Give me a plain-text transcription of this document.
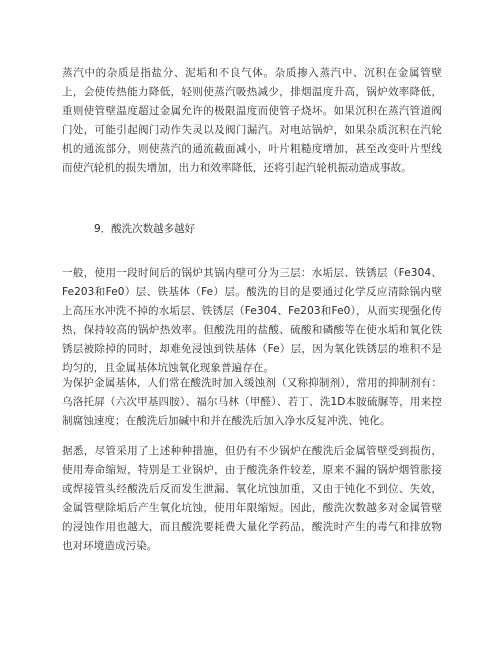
蒸汽中的杂质是指盐分、泥垢和不良气体。杂质掺入蒸汽中、沉积在金属管壁上，会使传热能力降低，轻则使蒸汽吸热减少，排烟温度升高，锅炉效率降低，重则使管壁温度超过金属允许的极限温度而使管子烧坏。如果沉积在蒸汽管道阀门处，可能引起阀门动作失灵以及阀门漏汽。对电站锅炉，如果杂质沉积在汽轮机的通流部分，则使蒸汽的通流截面减小，叶片粗糙度增加，甚至改变叶片型线而使汽轮机的损失增加，出力和效率降低，还将引起汽轮机振动造成事故。

9．酸洗次数越多越好

一般，使用一段时间后的锅炉其锅内壁可分为三层：水垢层、铁锈层（Fe304、Fe203和Fe0）层、铁基体（Fe）层。酸洗的目的是要通过化学反应清除锅内壁上高压水冲洗不掉的水垢层、铁锈层（Fe304、Fe203和Fe0），从而实现强化传热，保持较高的锅炉热效率。但酸洗用的盐酸、硫酸和磷酸等在使水垢和氧化铁锈层被除掉的同时，却难免浸蚀到铁基体（Fe）层，因为氧化铁锈层的堆积不是均匀的，且金属基体坑蚀氧化现象普遍存在。

为保护金属基体，人们常在酸洗时加入缓蚀剂（又称抑制剂），常用的抑制剂有：乌洛托屏（六次甲基四胺）、福尔马林（甲醛）、若丁、洗1D本胺硫脲等，用来控制腐蚀速度；在酸洗后加碱中和并在酸洗后加入净水反复冲洗、钝化。

据悉，尽管采用了上述种种措施，但仍有不少锅炉在酸洗后金属管壁受到损伤，使用寿命缩短，特别是工业锅炉，由于酸洗条件较差，原来不漏的锅炉烟管胀接或焊接管头经酸洗后反而发生泄漏、氧化坑蚀加重，又由于钝化不到位、失效，金属管壁除垢后产生氧化坑蚀，使用年限缩短。因此，酸洗次数越多对金属管壁的浸蚀作用也越大，而且酸洗要耗费大量化学药品，酸洗时产生的毒气和排放物也对环境造成污染。
